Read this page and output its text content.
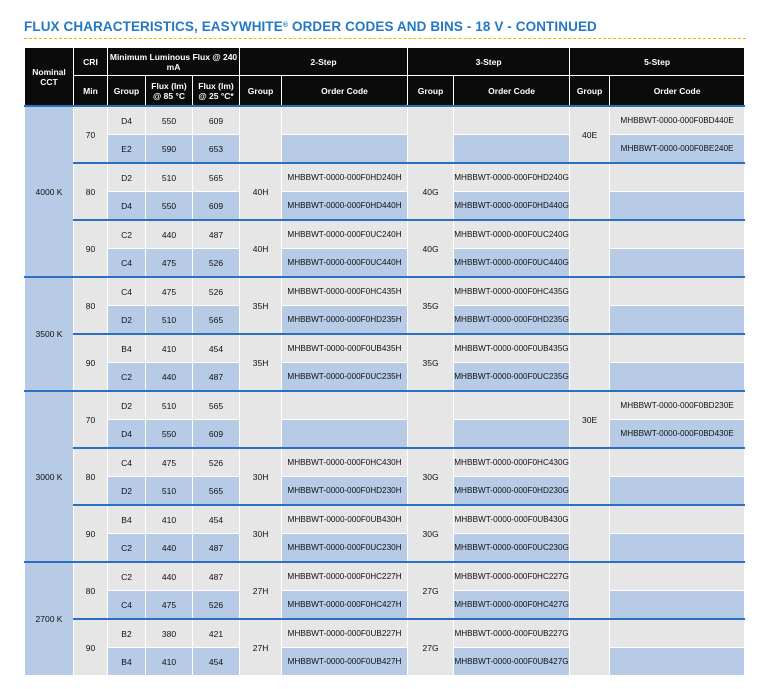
FLUX CHARACTERISTICS, EASYWHITE® ORDER CODES AND BINS - 18 V - CONTINUED
Nominal CCT	CRI	Minimum Luminous Flux @ 240 mA			2-Step		3-Step		5-Step	
	Min	Group	Flux (lm) @ 85 °C	Flux (lm) @ 25 °C*	Group	Order Code	Group	Order Code	Group	Order Code
4000 K	70	D4	550	609					40E	MHBBWT-0000-000F0BD440E
		E2	590	653						MHBBWT-0000-000F0BE240E
	80	D2	510	565	40H	MHBBWT-0000-000F0HD240H	40G	MHBBWT-0000-000F0HD240G		
		D4	550	609		MHBBWT-0000-000F0HD440H		MHBBWT-0000-000F0HD440G		
	90	C2	440	487	40H	MHBBWT-0000-000F0UC240H	40G	MHBBWT-0000-000F0UC240G		
		C4	475	526		MHBBWT-0000-000F0UC440H		MHBBWT-0000-000F0UC440G		
3500 K	80	C4	475	526	35H	MHBBWT-0000-000F0HC435H	35G	MHBBWT-0000-000F0HC435G		
		D2	510	565		MHBBWT-0000-000F0HD235H		MHBBWT-0000-000F0HD235G		
	90	B4	410	454	35H	MHBBWT-0000-000F0UB435H	35G	MHBBWT-0000-000F0UB435G		
		C2	440	487		MHBBWT-0000-000F0UC235H		MHBBWT-0000-000F0UC235G		
3000 K	70	D2	510	565					30E	MHBBWT-0000-000F0BD230E
		D4	550	609						MHBBWT-0000-000F0BD430E
	80	C4	475	526	30H	MHBBWT-0000-000F0HC430H	30G	MHBBWT-0000-000F0HC430G		
		D2	510	565		MHBBWT-0000-000F0HD230H		MHBBWT-0000-000F0HD230G		
	90	B4	410	454	30H	MHBBWT-0000-000F0UB430H	30G	MHBBWT-0000-000F0UB430G		
		C2	440	487		MHBBWT-0000-000F0UC230H		MHBBWT-0000-000F0UC230G		
2700 K	80	C2	440	487	27H	MHBBWT-0000-000F0HC227H	27G	MHBBWT-0000-000F0HC227G		
		C4	475	526		MHBBWT-0000-000F0HC427H		MHBBWT-0000-000F0HC427G		
	90	B2	380	421	27H	MHBBWT-0000-000F0UB227H	27G	MHBBWT-0000-000F0UB227G		
		B4	410	454		MHBBWT-0000-000F0UB427H		MHBBWT-0000-000F0UB427G		
